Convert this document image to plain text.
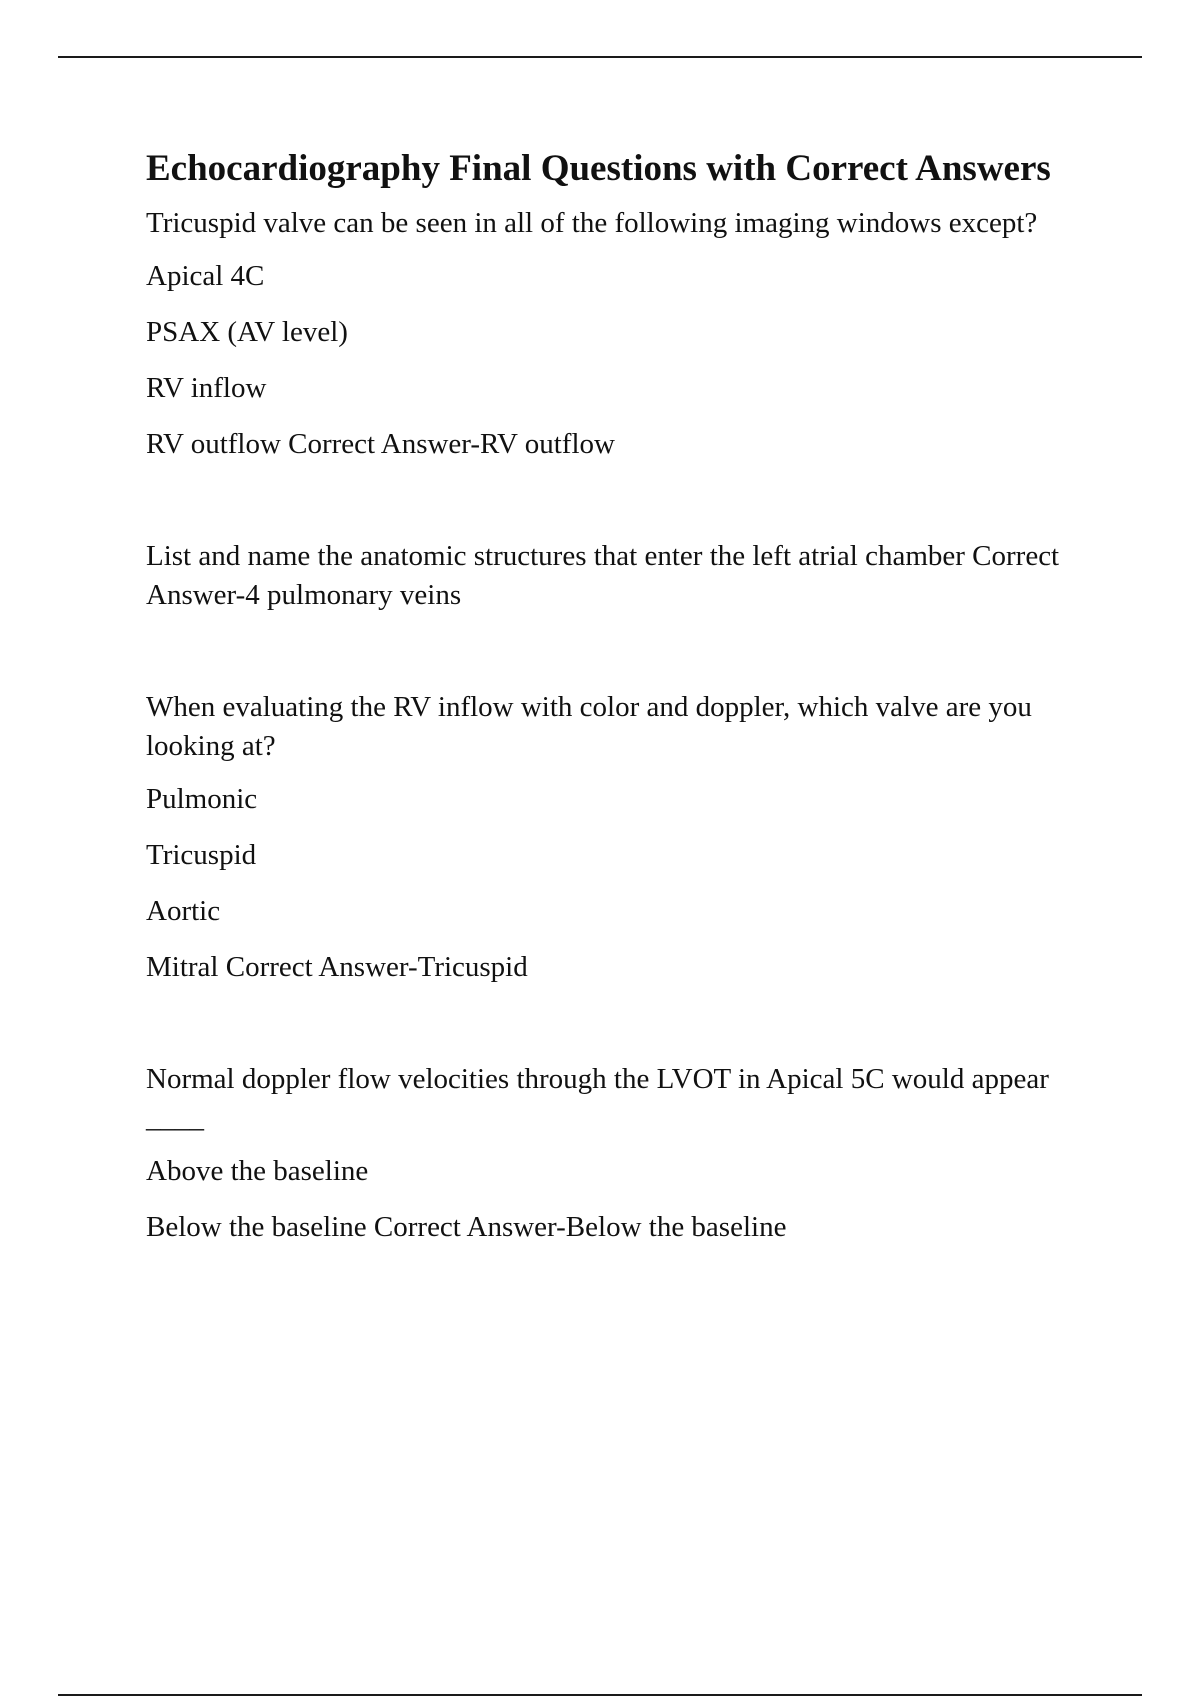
Echocardiography Final Questions with Correct Answers

Tricuspid valve can be seen in all of the following imaging windows except?

Apical 4C

PSAX (AV level)

RV inflow

RV outflow Correct Answer-RV outflow

List and name the anatomic structures that enter the left atrial chamber Correct Answer-4 pulmonary veins

When evaluating the RV inflow with color and doppler, which valve are you looking at?

Pulmonic

Tricuspid

Aortic

Mitral Correct Answer-Tricuspid

Normal doppler flow velocities through the LVOT in Apical 5C would appear ____

Above the baseline

Below the baseline Correct Answer-Below the baseline
